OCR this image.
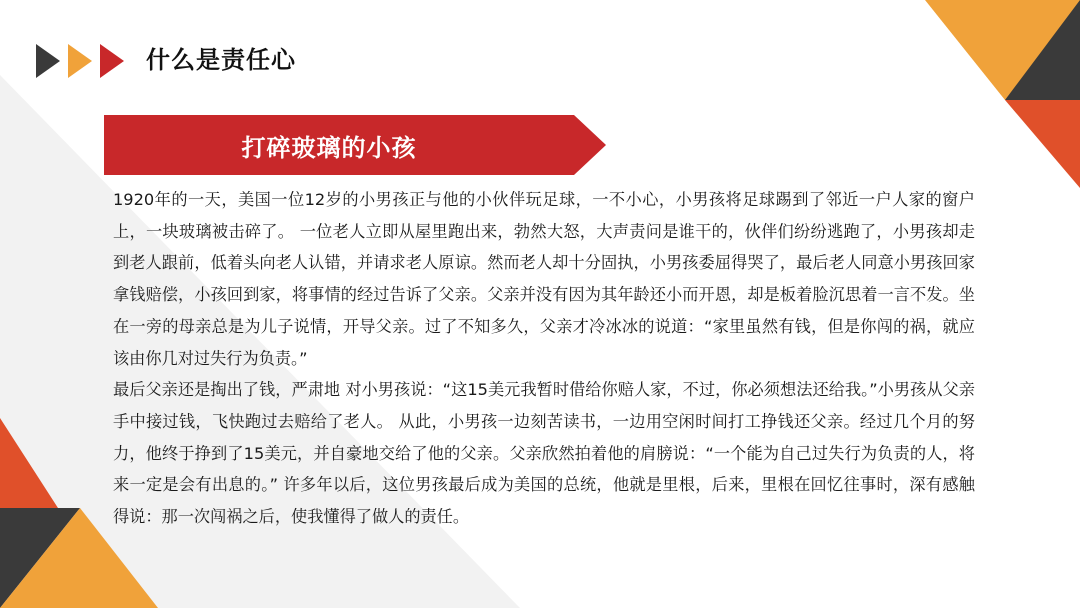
什么是责任心
打碎玻璃的小孩

1920年的一天，美国一位12岁的小男孩正与他的小伙伴玩足球，一不小心，小男孩将足球踢到了邻近一户人家的窗户上，一块玻璃被击碎了。 一位老人立即从屋里跑出来，勃然大怒，大声责问是谁干的，伙伴们纷纷逃跑了，小男孩却走到老人跟前，低着头向老人认错，并请求老人原谅。然而老人却十分固执，小男孩委屈得哭了，最后老人同意小男孩回家拿钱赔偿，小孩回到家，将事情的经过告诉了父亲。父亲并没有因为其年龄还小而开恩，却是板着脸沉思着一言不发。坐在一旁的母亲总是为儿子说情，开导父亲。过了不知多久，父亲才冷冰冰的说道：“家里虽然有钱，但是你闯的祸，就应该由你几对过失行为负责。”

最后父亲还是掏出了钱，严肃地 对小男孩说：“这15美元我暂时借给你赔人家，不过，你必须想法还给我。”小男孩从父亲手中接过钱，飞快跑过去赔给了老人。 从此，小男孩一边刻苦读书，一边用空闲时间打工挣钱还父亲。经过几个月的努力，他终于挣到了15美元，并自豪地交给了他的父亲。父亲欣然拍着他的肩膀说：“一个能为自己过失行为负责的人，将来一定是会有出息的。” 许多年以后，这位男孩最后成为美国的总统，他就是里根，后来，里根在回忆往事时，深有感触得说：那一次闯祸之后，使我懂得了做人的责任。
